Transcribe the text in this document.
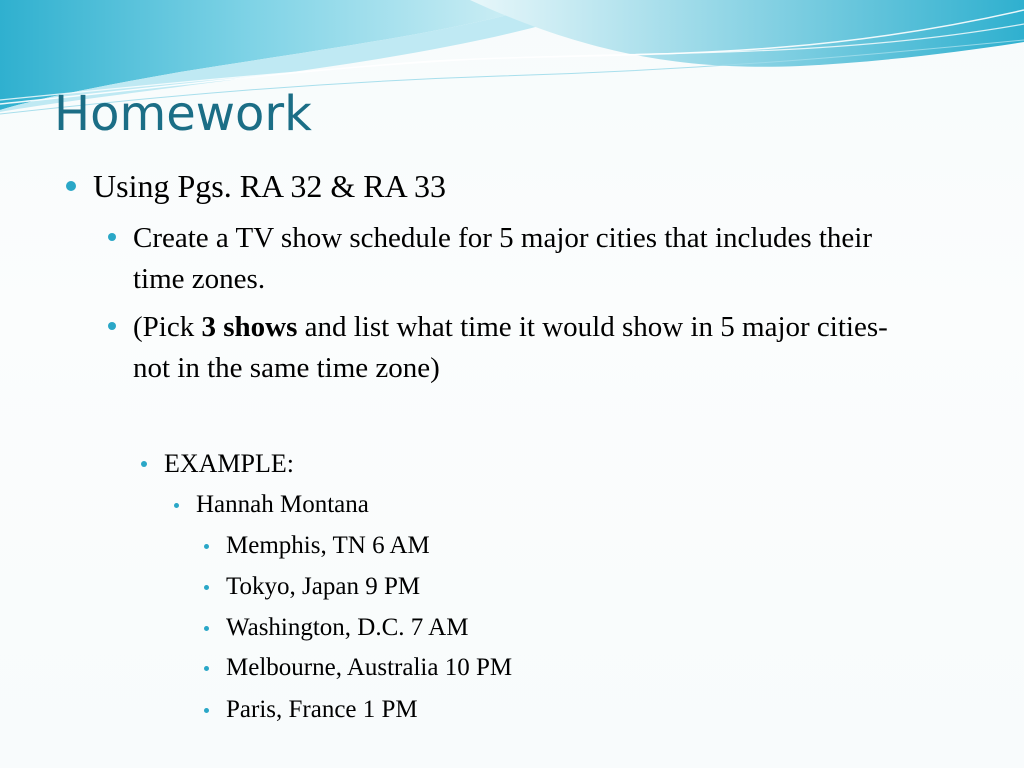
Homework

Using Pgs. RA 32 & RA 33

Create a TV show schedule for 5 major cities that includes their time zones.

(Pick 3 shows and list what time it would show in 5 major cities-not in the same time zone)

EXAMPLE:

Hannah Montana

Memphis, TN 6 AM

Tokyo, Japan 9 PM

Washington, D.C. 7 AM

Melbourne, Australia 10 PM

Paris, France 1 PM
